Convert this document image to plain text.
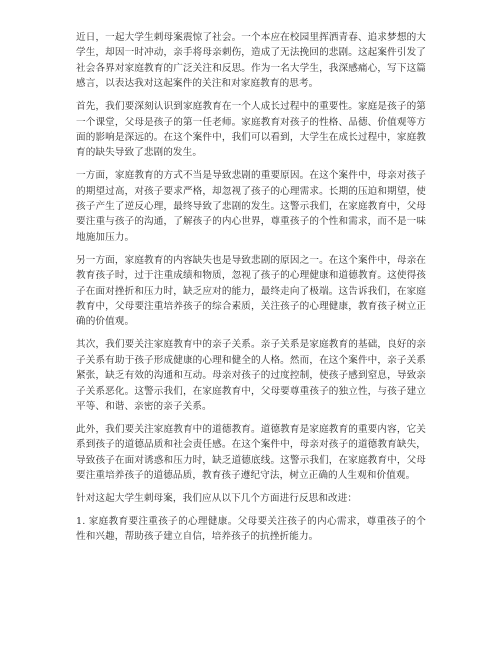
近日，一起大学生刺母案震惊了社会。一个本应在校园里挥洒青春、追求梦想的大学生，却因一时冲动，亲手将母亲刺伤，造成了无法挽回的悲剧。这起案件引发了社会各界对家庭教育的广泛关注和反思。作为一名大学生，我深感痛心，写下这篇感言，以表达我对这起案件的关注和对家庭教育的思考。

首先，我们要深刻认识到家庭教育在一个人成长过程中的重要性。家庭是孩子的第一个课堂，父母是孩子的第一任老师。家庭教育对孩子的性格、品德、价值观等方面的影响是深远的。在这个案件中，我们可以看到，大学生在成长过程中，家庭教育的缺失导致了悲剧的发生。

一方面，家庭教育的方式不当是导致悲剧的重要原因。在这个案件中，母亲对孩子的期望过高，对孩子要求严格，却忽视了孩子的心理需求。长期的压迫和期望，使孩子产生了逆反心理，最终导致了悲剧的发生。这警示我们，在家庭教育中，父母要注重与孩子的沟通，了解孩子的内心世界，尊重孩子的个性和需求，而不是一味地施加压力。

另一方面，家庭教育的内容缺失也是导致悲剧的原因之一。在这个案件中，母亲在教育孩子时，过于注重成绩和物质，忽视了孩子的心理健康和道德教育。这使得孩子在面对挫折和压力时，缺乏应对的能力，最终走向了极端。这告诉我们，在家庭教育中，父母要注重培养孩子的综合素质，关注孩子的心理健康，教育孩子树立正确的价值观。

其次，我们要关注家庭教育中的亲子关系。亲子关系是家庭教育的基础，良好的亲子关系有助于孩子形成健康的心理和健全的人格。然而，在这个案件中，亲子关系紧张，缺乏有效的沟通和互动。母亲对孩子的过度控制，使孩子感到窒息，导致亲子关系恶化。这警示我们，在家庭教育中，父母要尊重孩子的独立性，与孩子建立平等、和谐、亲密的亲子关系。

此外，我们要关注家庭教育中的道德教育。道德教育是家庭教育的重要内容，它关系到孩子的道德品质和社会责任感。在这个案件中，母亲对孩子的道德教育缺失，导致孩子在面对诱惑和压力时，缺乏道德底线。这警示我们，在家庭教育中，父母要注重培养孩子的道德品质，教育孩子遵纪守法，树立正确的人生观和价值观。

针对这起大学生刺母案，我们应从以下几个方面进行反思和改进：

1. 家庭教育要注重孩子的心理健康。父母要关注孩子的内心需求，尊重孩子的个性和兴趣，帮助孩子建立自信，培养孩子的抗挫折能力。
